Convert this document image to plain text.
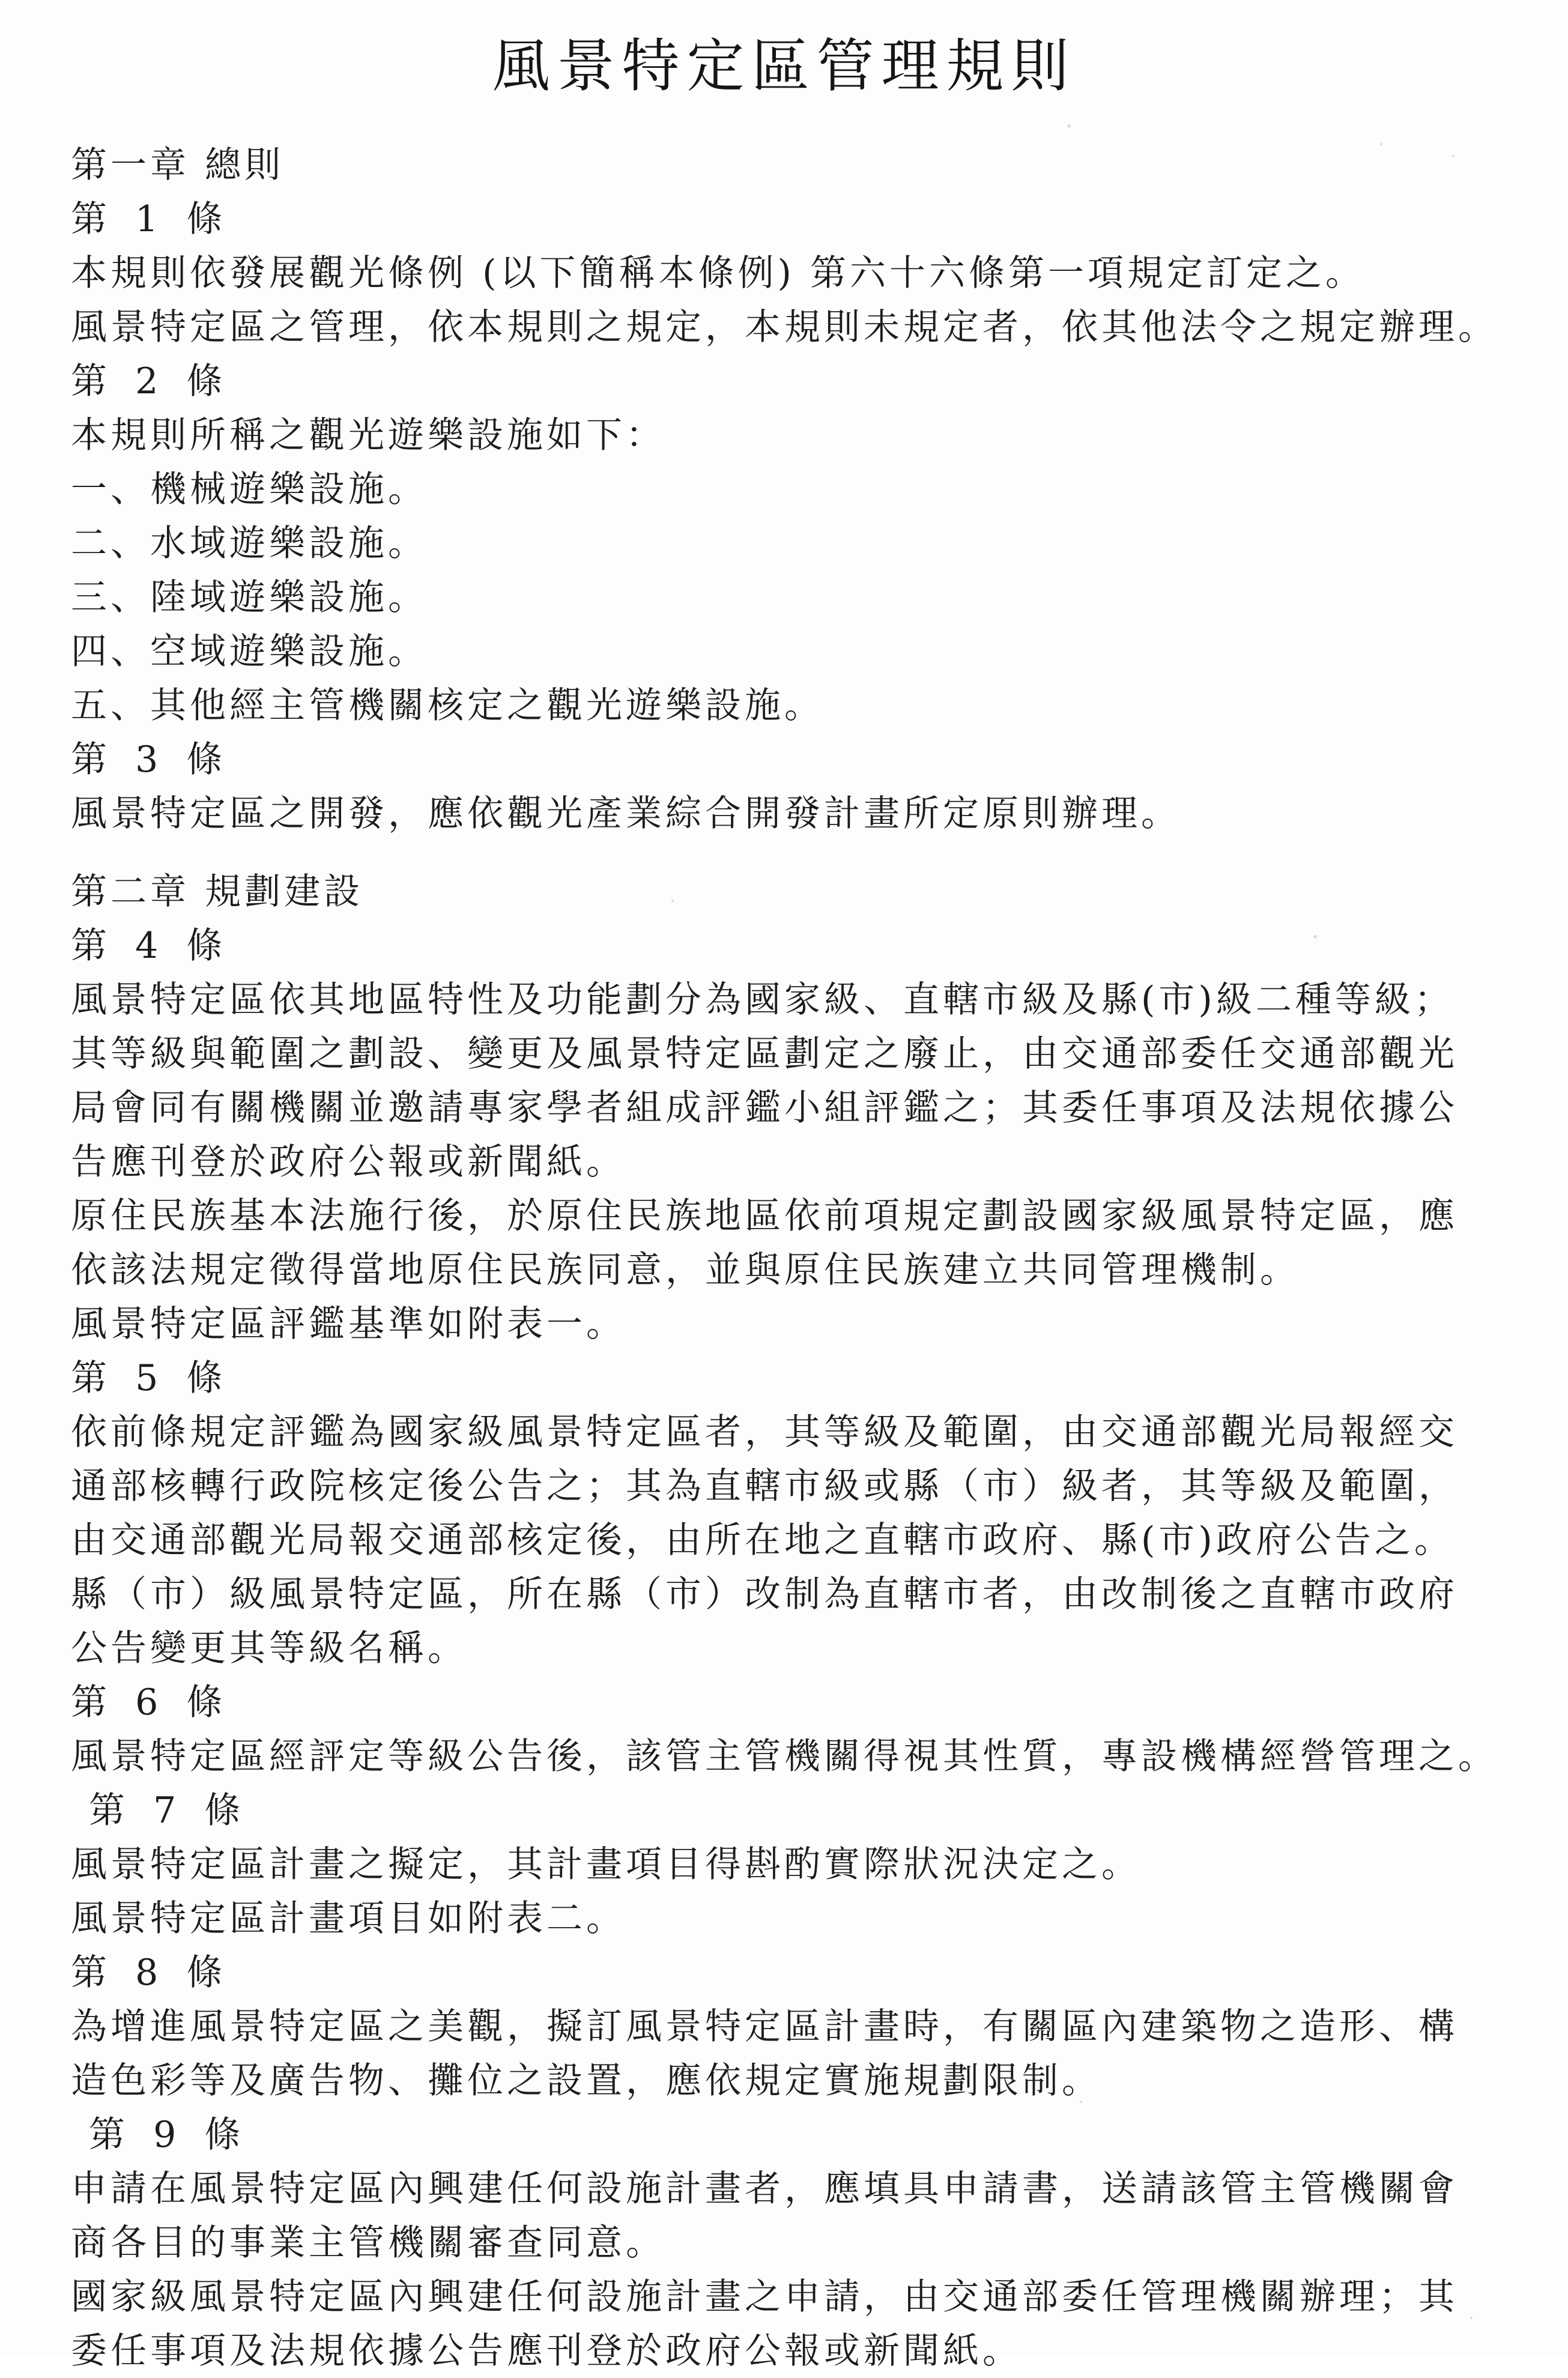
風景特定區管理規則
第一章 總則
第 1 條
本規則依發展觀光條例 (以下簡稱本條例) 第六十六條第一項規定訂定之。
風景特定區之管理，依本規則之規定，本規則未規定者，依其他法令之規定辦理。
第 2 條
本規則所稱之觀光遊樂設施如下：
一、機械遊樂設施。
二、水域遊樂設施。
三、陸域遊樂設施。
四、空域遊樂設施。
五、其他經主管機關核定之觀光遊樂設施。
第 3 條
風景特定區之開發，應依觀光產業綜合開發計畫所定原則辦理。
第二章 規劃建設
第 4 條
風景特定區依其地區特性及功能劃分為國家級、直轄市級及縣(市)級二種等級；
其等級與範圍之劃設、變更及風景特定區劃定之廢止，由交通部委任交通部觀光
局會同有關機關並邀請專家學者組成評鑑小組評鑑之；其委任事項及法規依據公
告應刊登於政府公報或新聞紙。
原住民族基本法施行後，於原住民族地區依前項規定劃設國家級風景特定區，應
依該法規定徵得當地原住民族同意，並與原住民族建立共同管理機制。
風景特定區評鑑基準如附表一。
第 5 條
依前條規定評鑑為國家級風景特定區者，其等級及範圍，由交通部觀光局報經交
通部核轉行政院核定後公告之；其為直轄市級或縣（市）級者，其等級及範圍，
由交通部觀光局報交通部核定後，由所在地之直轄市政府、縣(市)政府公告之。
縣（市）級風景特定區，所在縣（市）改制為直轄市者，由改制後之直轄市政府
公告變更其等級名稱。
第 6 條
風景特定區經評定等級公告後，該管主管機關得視其性質，專設機構經營管理之。
第 7 條
風景特定區計畫之擬定，其計畫項目得斟酌實際狀況決定之。
風景特定區計畫項目如附表二。
第 8 條
為增進風景特定區之美觀，擬訂風景特定區計畫時，有關區內建築物之造形、構
造色彩等及廣告物、攤位之設置，應依規定實施規劃限制。
第 9 條
申請在風景特定區內興建任何設施計畫者，應填具申請書，送請該管主管機關會
商各目的事業主管機關審查同意。
國家級風景特定區內興建任何設施計畫之申請，由交通部委任管理機關辦理；其
委任事項及法規依據公告應刊登於政府公報或新聞紙。
